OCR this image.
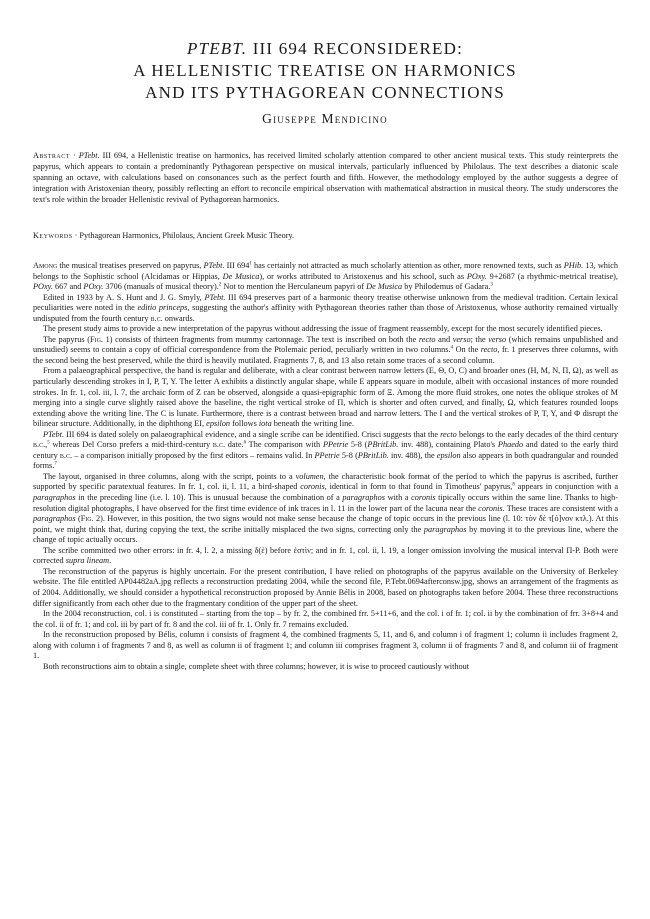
PTEBT. III 694 RECONSIDERED:
A HELLENISTIC TREATISE ON HARMONICS
AND ITS PYTHAGOREAN CONNECTIONS
Giuseppe Mendicino

Abstract · PTebt. III 694, a Hellenistic treatise on harmonics, has received limited scholarly attention compared to other ancient musical texts. This study reinterprets the papyrus, which appears to contain a predominantly Pythagorean perspective on musical intervals, particularly influenced by Philolaus. The text describes a diatonic scale spanning an octave, with calculations based on consonances such as the perfect fourth and fifth. However, the methodology employed by the author suggests a degree of integration with Aristoxenian theory, possibly reflecting an effort to reconcile empirical observation with mathematical abstraction in musical theory. The study underscores the text's role within the broader Hellenistic revival of Pythagorean harmonics.

Keywords · Pythagorean Harmonics, Philolaus, Ancient Greek Music Theory.

Among the musical treatises preserved on papyrus, PTebt. III $694^1$ has certainly not attracted as much scholarly attention as other, more renowned texts, such as PHib. 13, which belongs to the Sophistic school (Alcidamas or Hippias, De Musica), or works attributed to Aristoxenus and his school, such as POxy. 9+2687 (a rhythmic-metrical treatise), POxy. 667 and POxy. 3706 (manuals of musical theory).$^2$ Not to mention the Herculaneum papyri of De Musica by Philodemus of Gadara.$^3$

Edited in 1933 by A. S. Hunt and J. G. Smyly, PTebt. III 694 preserves part of a harmonic theory treatise otherwise unknown from the medieval tradition. Certain lexical peculiarities were noted in the editio princeps, suggesting the author's affinity with Pythagorean theories rather than those of Aristoxenus, whose authority remained virtually undisputed from the fourth century b.c. onwards.

The present study aims to provide a new interpretation of the papyrus without addressing the issue of fragment reassembly, except for the most securely identified pieces.

The papyrus (Fig. 1) consists of thirteen fragments from mummy cartonnage. The text is inscribed on both the recto and verso; the verso (which remains unpublished and unstudied) seems to contain a copy of official correspondence from the Ptolemaic period, peculiarly written in two columns.$^4$ On the recto, fr. 1 preserves three columns, with the second being the best preserved, while the third is heavily mutilated. Fragments 7, 8, and 13 also retain some traces of a second column.

From a palaeographical perspective, the hand is regular and deliberate, with a clear contrast between narrow letters (Ε, Θ, Ο, C) and broader ones (Η, Μ, Ν, Π, Ω), as well as particularly descending strokes in Ι, Ρ, Τ, Υ. The letter Α exhibits a distinctly angular shape, while Ε appears square in module, albeit with occasional instances of more rounded strokes. In fr. 1, col. iii, l. 7, the archaic form of Ζ can be observed, alongside a quasi-epigraphic form of Ξ. Among the more fluid strokes, one notes the oblique strokes of Μ merging into a single curve slightly raised above the baseline, the right vertical stroke of Π, which is shorter and often curved, and finally, Ω, which features rounded loops extending above the writing line. The C is lunate. Furthermore, there is a contrast between broad and narrow letters. The Ι and the vertical strokes of Ρ, Τ, Υ, and Φ disrupt the bilinear structure. Additionally, in the diphthong ΕΙ, epsilon follows iota beneath the writing line.

PTebt. III 694 is dated solely on palaeographical evidence, and a single scribe can be identified. Crisci suggests that the recto belongs to the early decades of the third century b.c.,$^5$ whereas Del Corso prefers a mid-third-century b.c. date.$^6$ The comparison with PPetrie 5-8 (PBritLib. inv. 488), containing Plato's Phaedo and dated to the early third century b.c. – a comparison initially proposed by the first editors – remains valid. In PPetrie 5-8 (PBritLib. inv. 488), the epsilon also appears in both quadrangular and rounded forms.$^7$

The layout, organised in three columns, along with the script, points to a volumen, the characteristic book format of the period to which the papyrus is ascribed, further supported by specific paratextual features. In fr. 1, col. ii, l. 11, a bird-shaped coronis, identical in form to that found in Timotheus' papyrus,$^8$ appears in conjunction with a paragraphos in the preceding line (i.e. l. 10). This is unusual because the combination of a paragraphos with a coronis tipically occurs within the same line. Thanks to high-resolution digital photographs, I have observed for the first time evidence of ink traces in l. 11 in the lower part of the lacuna near the coronis. These traces are consistent with a paragraphos (Fig. 2). However, in this position, the two signs would not make sense because the change of topic occurs in the previous line (l. 10: τὸν δὲ τ[ό]νον κτλ.). At this point, we might think that, during copying the text, the scribe initially misplaced the two signs, correcting only the paragraphos by moving it to the previous line, where the change of topic actually occurs.

The scribe committed two other errors: in fr. 4, l. 2, a missing δ(ὲ) before ἐστὶν; and in fr. 1, col. ii, l. 19, a longer omission involving the musical interval Π-Ρ. Both were corrected supra lineam.

The reconstruction of the papyrus is highly uncertain. For the present contribution, I have relied on photographs of the papyrus available on the University of Berkeley website. The file entitled AP04482aA.jpg reflects a reconstruction predating 2004, while the second file, P.Tebt.0694afterconsw.jpg, shows an arrangement of the fragments as of 2004. Additionally, we should consider a hypothetical reconstruction proposed by Annie Bélis in 2008, based on photographs taken before 2004. These three reconstructions differ significantly from each other due to the fragmentary condition of the upper part of the sheet.

In the 2004 reconstruction, col. i is constituted – starting from the top – by fr. 2, the combined frr. 5+11+6, and the col. i of fr. 1; col. ii by the combination of frr. 3+8+4 and the col. ii of fr. 1; and col. iii by part of fr. 8 and the col. iii of fr. 1. Only fr. 7 remains excluded.

In the reconstruction proposed by Bélis, column i consists of fragment 4, the combined fragments 5, 11, and 6, and column i of fragment 1; column ii includes fragment 2, along with column i of fragments 7 and 8, as well as column ii of fragment 1; and column iii comprises fragment 3, column ii of fragments 7 and 8, and column iii of fragment 1.

Both reconstructions aim to obtain a single, complete sheet with three columns; however, it is wise to proceed cautiously without
